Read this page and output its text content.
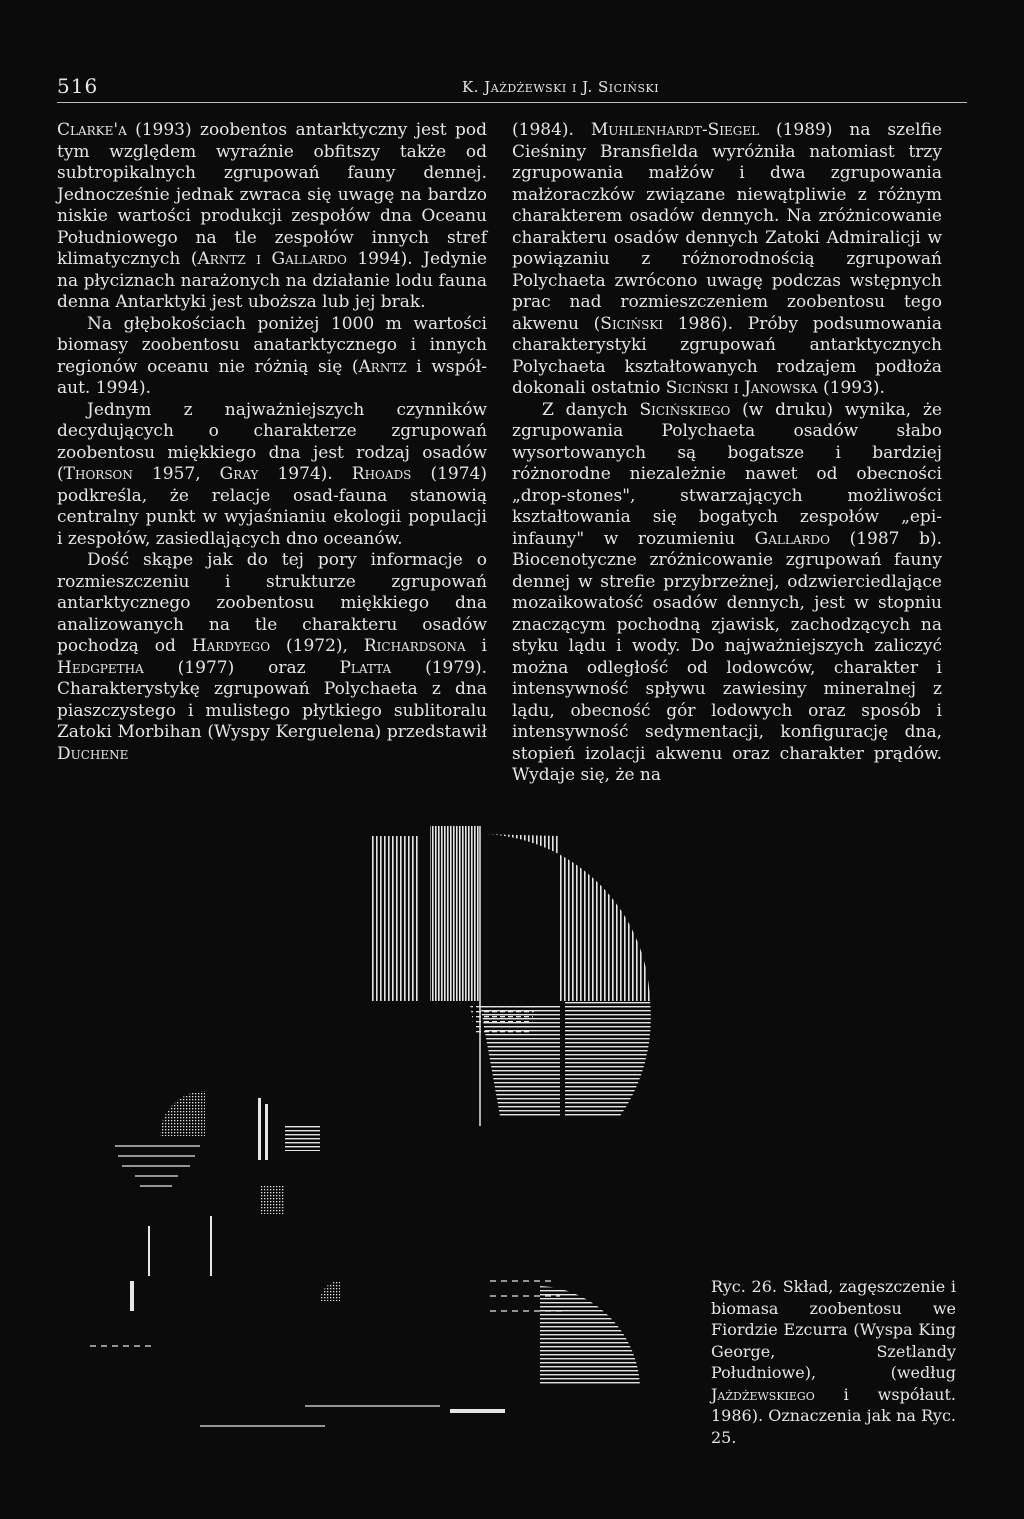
516	K. Jażdżewski i J. Siciński

Clarke'a (1993) zoobentos antarktyczny jest pod tym względem wyraźnie obfitszy także od subtropikalnych zgrupowań fauny dennej. Jednocześnie jednak zwraca się uwagę na bardzo niskie wartości produkcji zespołów dna Oceanu Południowego na tle zespołów innych stref klimatycznych (Arntz i Gallardo 1994). Jedynie na płyciznach narażonych na działanie lodu fauna denna Antarktyki jest uboższa lub jej brak.

Na głębokościach poniżej 1000 m wartości biomasy zoobentosu anatarktycznego i innych regionów oceanu nie różnią się (Arntz i współ- aut. 1994).

Jednym z najważniejszych czynników decydujących o charakterze zgrupowań zoobentosu miękkiego dna jest rodzaj osadów (Thorson 1957, Gray 1974). Rhoads (1974) podkreśla, że relacje osad-fauna stanowią centralny punkt w wyjaśnianiu ekologii populacji i zespołów, zasiedlających dno oceanów.

Dość skąpe jak do tej pory informacje o rozmieszczeniu i strukturze zgrupowań antarktycznego zoobentosu miękkiego dna analizowanych na tle charakteru osadów pochodzą od Hardyego (1972), Richardsona i Hedgpetha (1977) oraz Platta (1979). Charakterystykę zgrupowań Polychaeta z dna piaszczystego i mulistego płytkiego sublitoralu Zatoki Morbihan (Wyspy Kerguelena) przedstawił Duchene

(1984). Muhlenhardt-Siegel (1989) na szelfie Cieśniny Bransfielda wyróżniła natomiast trzy zgrupowania małżów i dwa zgrupowania małżoraczków związane niewątpliwie z różnym charakterem osadów dennych. Na zróżnicowanie charakteru osadów dennych Zatoki Admiralicji w powiązaniu z różnorodnością zgrupowań Polychaeta zwrócono uwagę podczas wstępnych prac nad rozmieszczeniem zoobentosu tego akwenu (Siciński 1986). Próby podsumowania charakterystyki zgrupowań antarktycznych Polychaeta kształtowanych rodzajem podłoża dokonali ostatnio Siciński i Janowska (1993).

Z danych Sicińskiego (w druku) wynika, że zgrupowania Polychaeta osadów słabo wysortowanych są bogatsze i bardziej różnorodne niezależnie nawet od obecności „drop-stones", stwarzających możliwości kształtowania się bogatych zespołów „epi-infauny" w rozumieniu Gallardo (1987 b). Biocenotyczne zróżnicowanie zgrupowań fauny dennej w strefie przybrzeżnej, odzwierciedlające mozaikowatość osadów dennych, jest w stopniu znaczącym pochodną zjawisk, zachodzących na styku lądu i wody. Do najważniejszych zaliczyć można odległość od lodowców, charakter i intensywność spływu zawiesiny mineralnej z lądu, obecność gór lodowych oraz sposób i intensywność sedymentacji, konfigurację dna, stopień izolacji akwenu oraz charakter prądów. Wydaje się, że na

Ryc. 26. Skład, zagęszczenie i biomasa zoobentosu we Fiordzie Ezcurra (Wyspa King George, Szetlandy Południowe), (według Jażdżewskiego i współaut. 1986). Oznaczenia jak na Ryc. 25.
